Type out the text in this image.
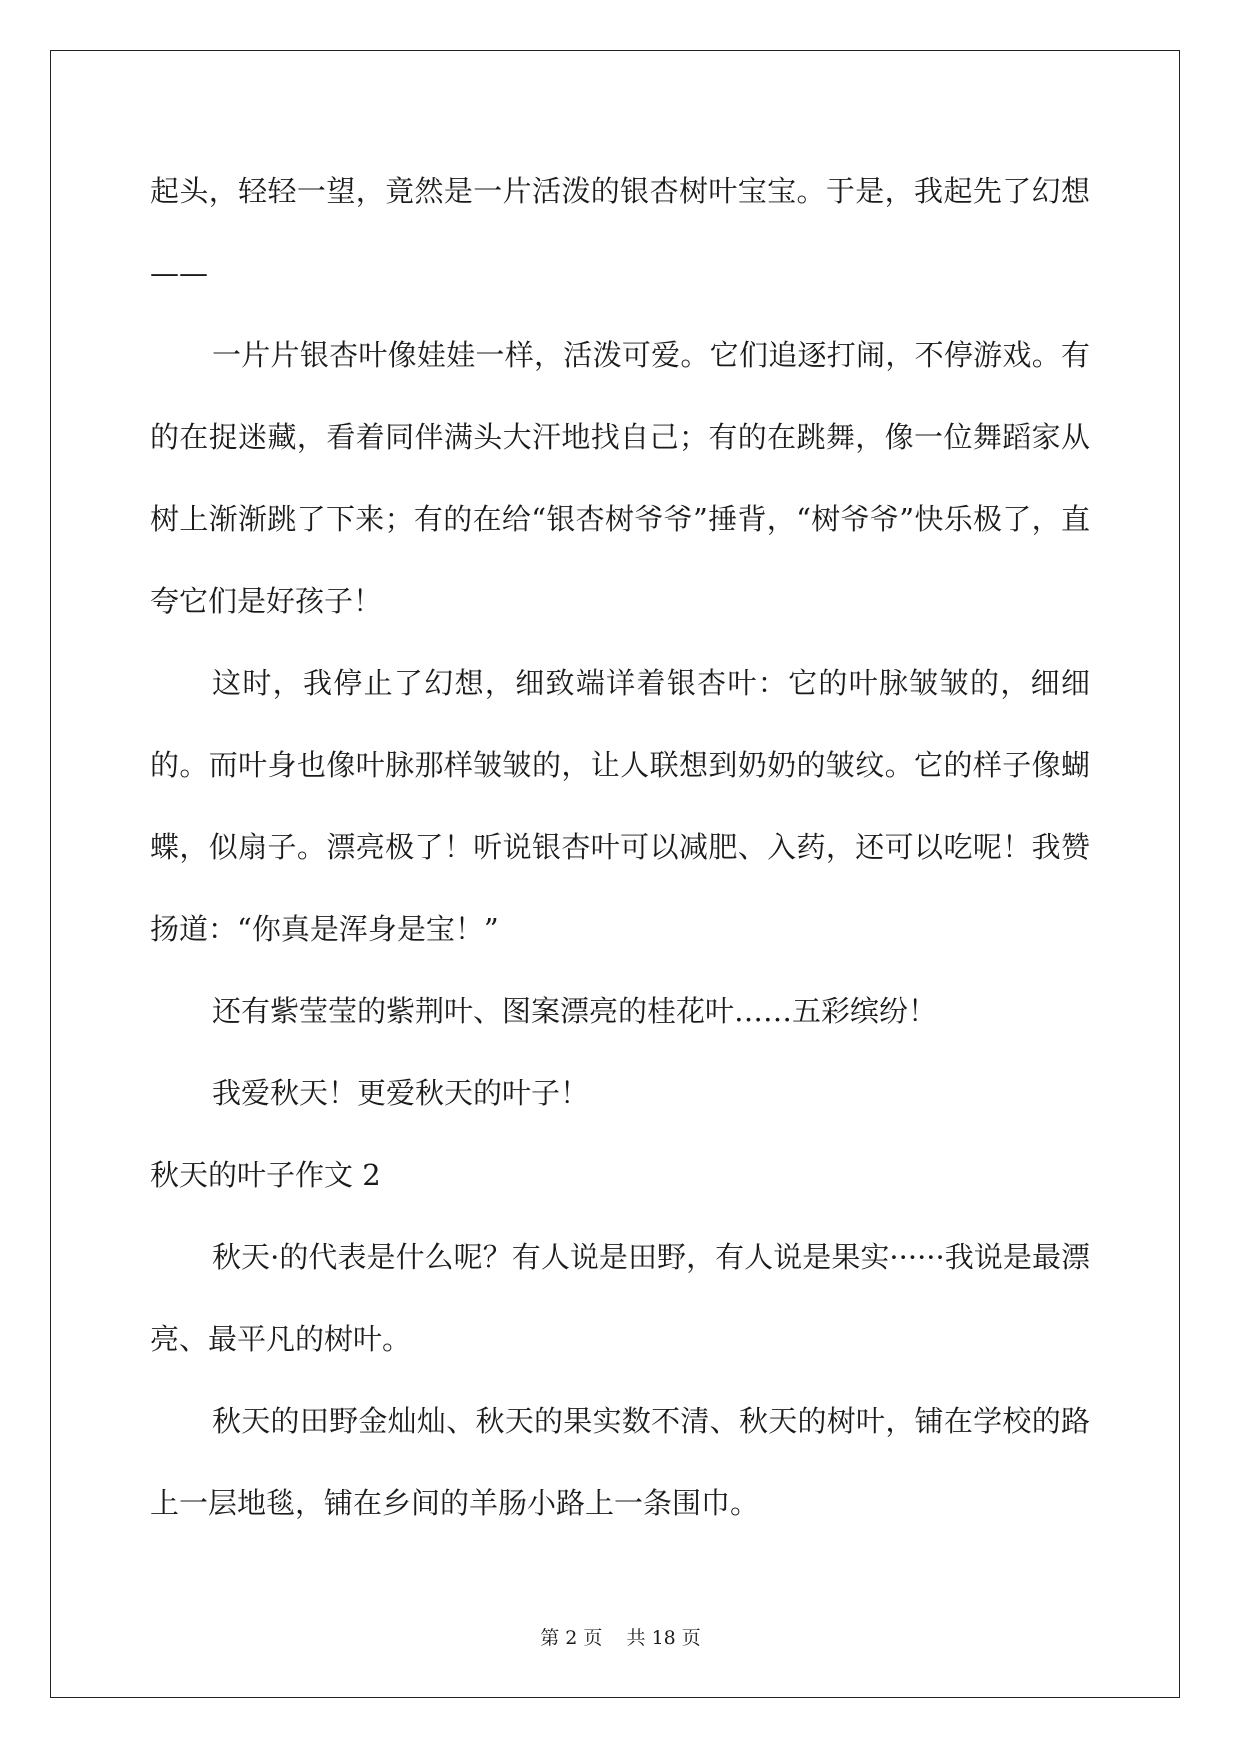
起头，轻轻一望，竟然是一片活泼的银杏树叶宝宝。于是，我起先了幻想——

一片片银杏叶像娃娃一样，活泼可爱。它们追逐打闹，不停游戏。有的在捉迷藏，看着同伴满头大汗地找自己；有的在跳舞，像一位舞蹈家从树上渐渐跳了下来；有的在给“银杏树爷爷”捶背，“树爷爷”快乐极了，直夸它们是好孩子！

这时，我停止了幻想，细致端详着银杏叶：它的叶脉皱皱的，细细的。而叶身也像叶脉那样皱皱的，让人联想到奶奶的皱纹。它的样子像蝴蝶，似扇子。漂亮极了！听说银杏叶可以减肥、入药，还可以吃呢！我赞扬道：“你真是浑身是宝！”

还有紫莹莹的紫荆叶、图案漂亮的桂花叶……五彩缤纷！

我爱秋天！更爱秋天的叶子！

秋天的叶子作文 2

秋天·的代表是什么呢？有人说是田野，有人说是果实······我说是最漂亮、最平凡的树叶。

秋天的田野金灿灿、秋天的果实数不清、秋天的树叶，铺在学校的路上一层地毯，铺在乡间的羊肠小路上一条围巾。

第 2 页    共 18 页
